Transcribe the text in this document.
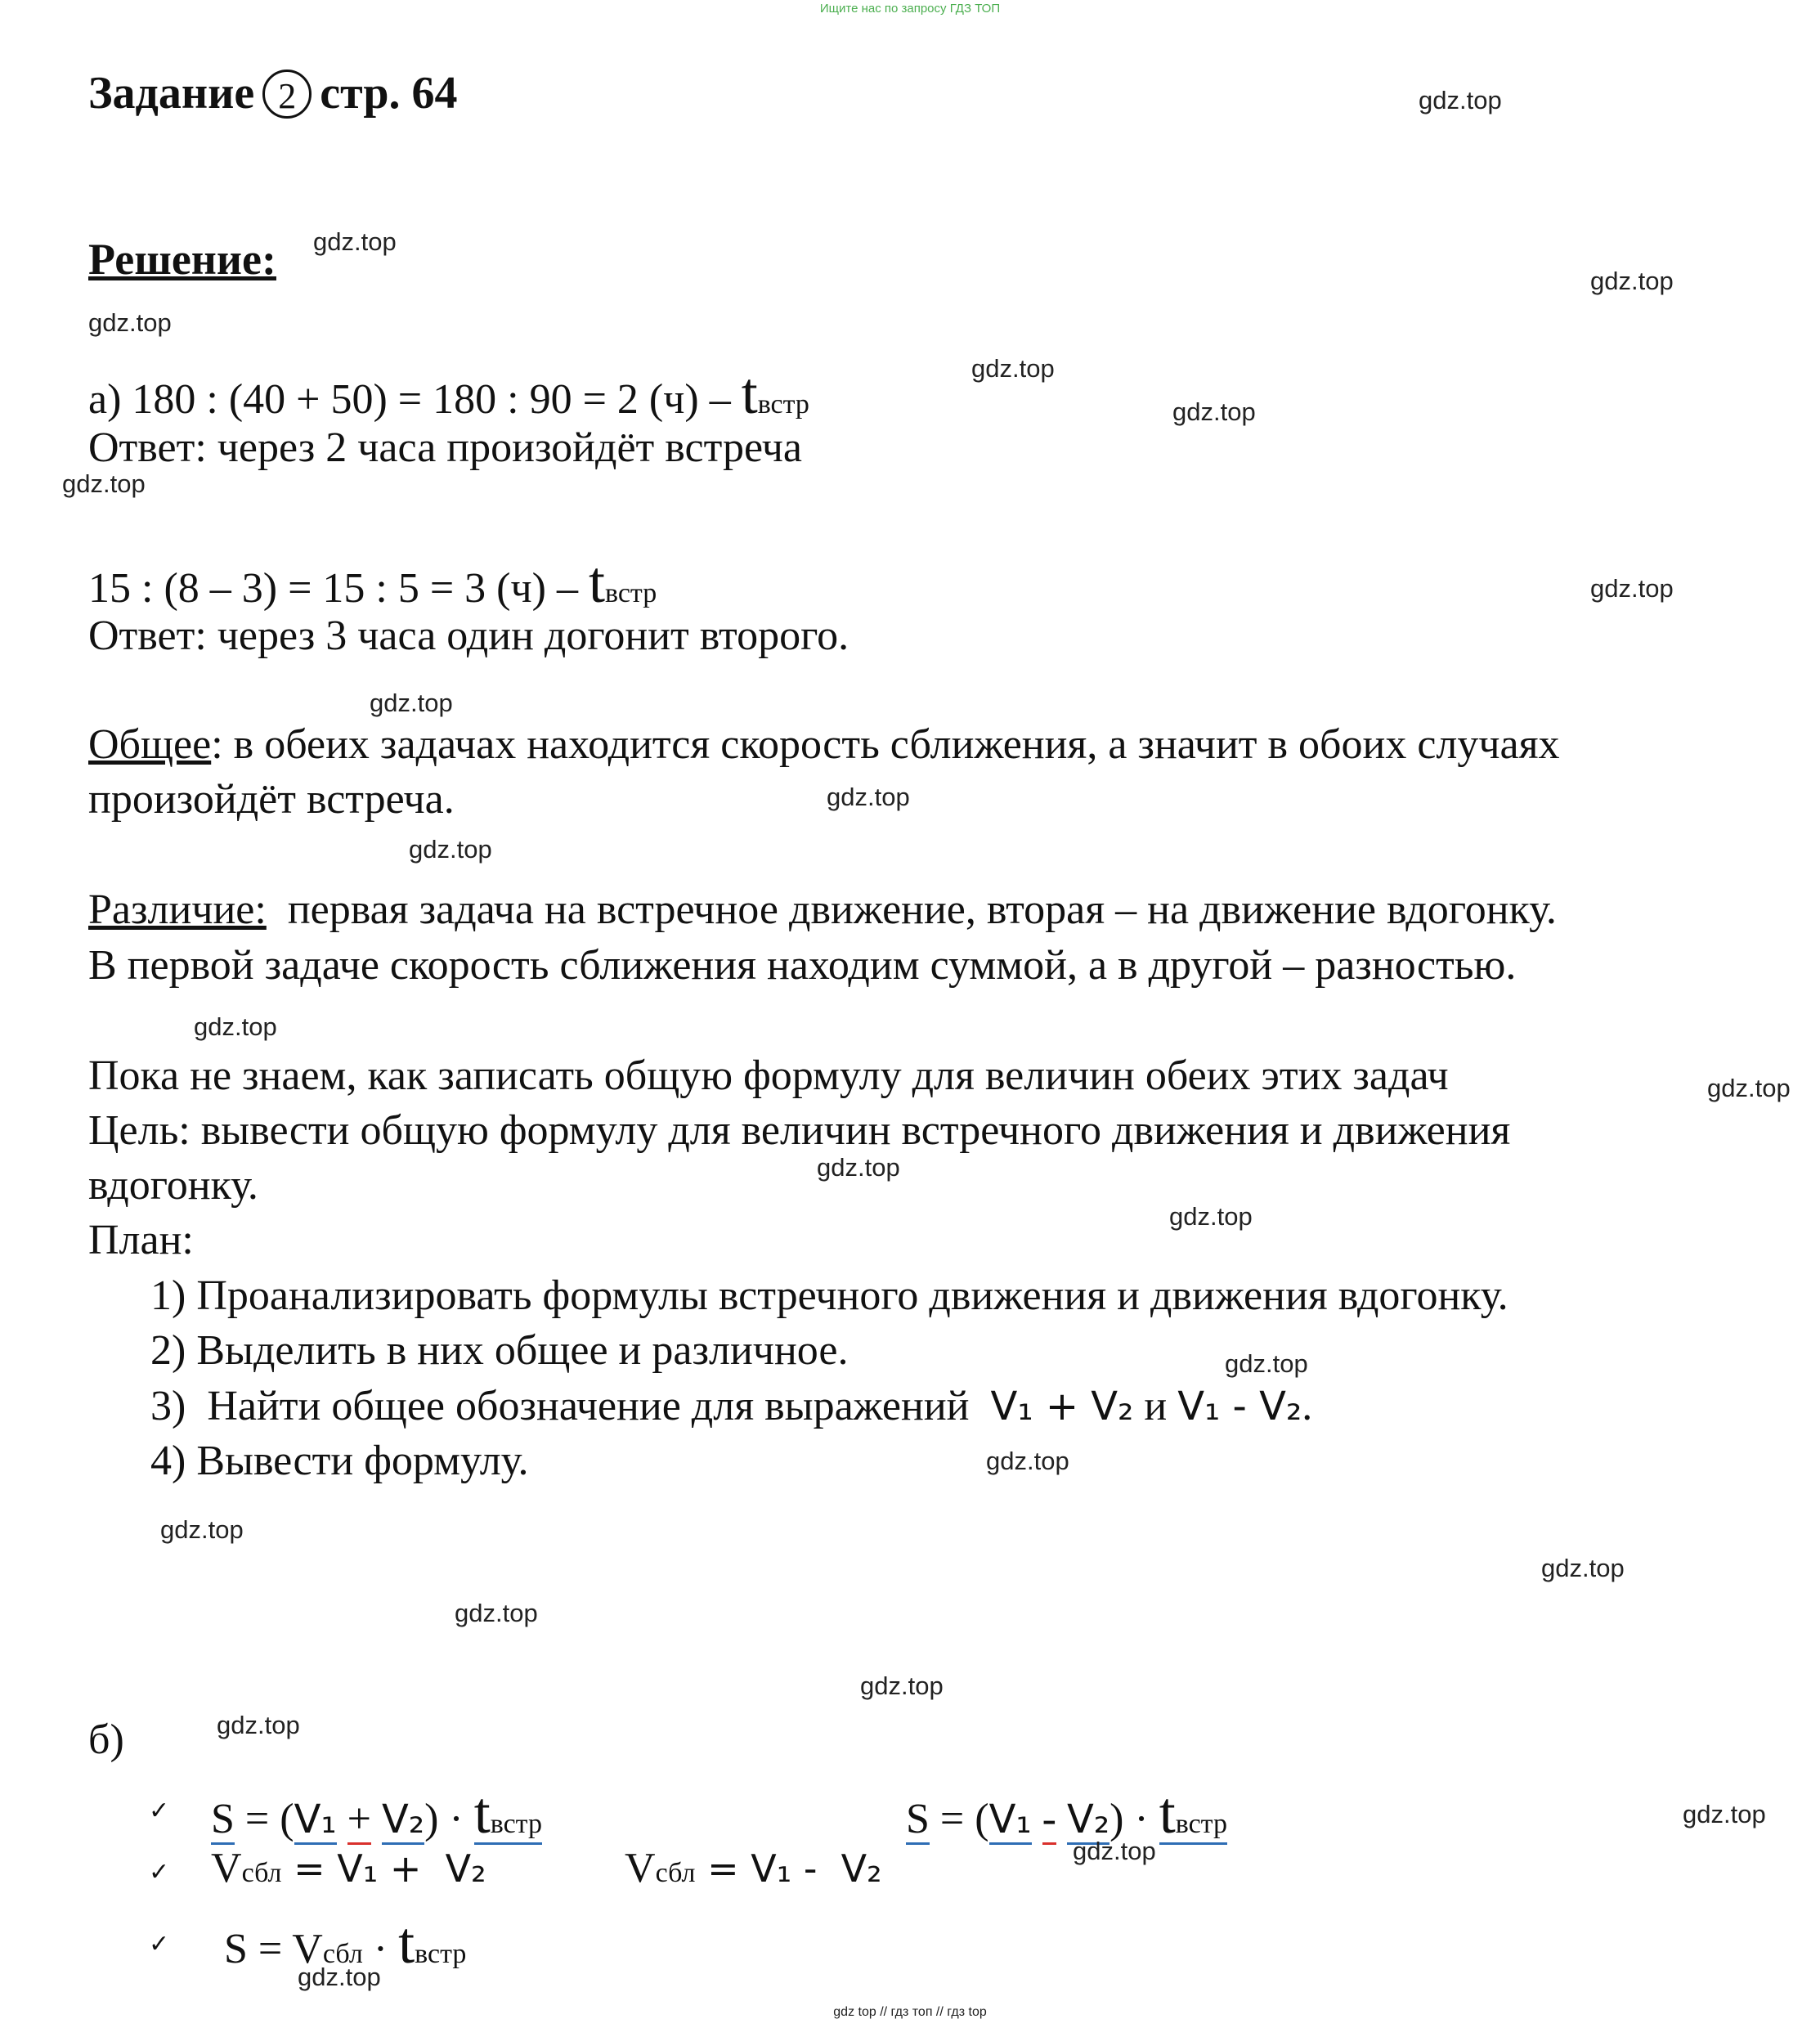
Ищите нас по запросу ГДЗ ТОП
gdz top // гдз топ // гдз top
Задание 2 стр. 64
Решение:
а) 180 : (40 + 50) = 180 : 90 = 2 (ч) – tвстр
Ответ: через 2 часа произойдёт встреча
15 : (8 – 3) = 15 : 5 = 3 (ч) – tвстр
Ответ: через 3 часа один догонит второго.
Общее: в обеих задачах находится скорость сближения, а значит в обоих случаях
произойдёт встреча.
Различие:  первая задача на встречное движение, вторая – на движение вдогонку.
В первой задаче скорость сближения находим суммой, а в другой – разностью.
Пока не знаем, как записать общую формулу для величин обеих этих задач
Цель: вывести общую формулу для величин встречного движения и движения
вдогонку.
План:
1) Проанализировать формулы встречного движения и движения вдогонку.
2) Выделить в них общее и различное.
3)  Найти общее обозначение для выражений  V₁ + V₂ и V₁ - V₂.
4) Вывести формулу.
б)
✓ S = (V₁ + V₂) · tвстр	S = (V₁ - V₂) · tвстр
✓ Vсбл = V₁ +  V₂	Vсбл = V₁ -  V₂
✓ S = Vсбл · tвстр
gdz.top
gdz.top
gdz.top
gdz.top
gdz.top
gdz.top
gdz.top
gdz.top
gdz.top
gdz.top
gdz.top
gdz.top
gdz.top
gdz.top
gdz.top
gdz.top
gdz.top
gdz.top
gdz.top
gdz.top
gdz.top
gdz.top
gdz.top
gdz.top
gdz.top
